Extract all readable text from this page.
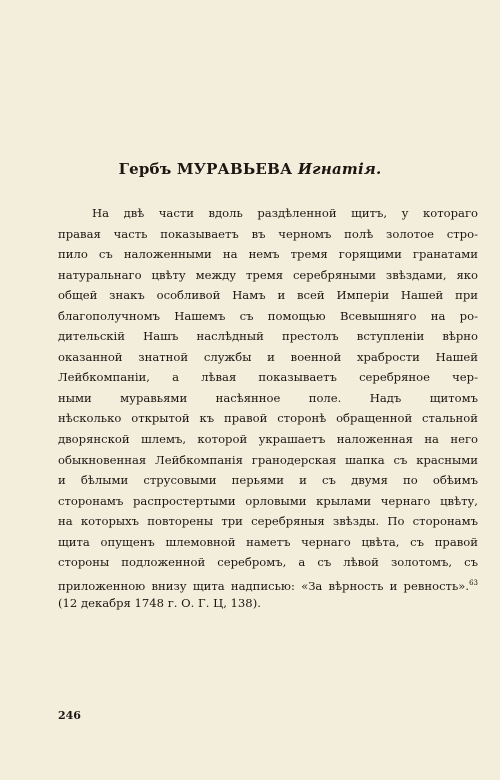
Гербъ МУРАВЬЕВА Игнатія.
На двѣ части вдоль раздѣленной щитъ, у котораго
правая часть показываетъ въ черномъ полѣ золотое стро-
пило съ наложенными на немъ тремя горящими гранатами
натуральнаго цвѣту между тремя серебряными звѣздами, яко
общей знакъ особливой Намъ и всей Имперіи Нашей при
благополучномъ Нашемъ съ помощью Всевышняго на ро-
дительскій Нашъ наслѣдный престолъ вступленіи вѣрно
оказанной знатной службы и военной храбрости Нашей
Лейбкомпаніи, а лѣвая показываетъ серебряное чер-
ными муравьями насѣянное поле. Надъ щитомъ
нѣсколько открытой къ правой сторонѣ обращенной стальной
дворянской шлемъ, которой украшаетъ наложенная на него
обыкновенная Лейбкомпанія гранодерская шапка съ красными
и бѣлыми струсовыми перьями и съ двумя по обѣимъ
сторонамъ распростертыми орловыми крылами чернаго цвѣту,
на которыхъ повторены три серебряныя звѣзды. По сторонамъ
щита опущенъ шлемовной наметъ чернаго цвѣта, съ правой
стороны подложенной серебромъ, а съ лѣвой золотомъ, съ
приложенною внизу щита надписью: «За вѣрность и ревность».$^{63}$
(12 декабря 1748 г. О. Г. Ц, 138).
246
